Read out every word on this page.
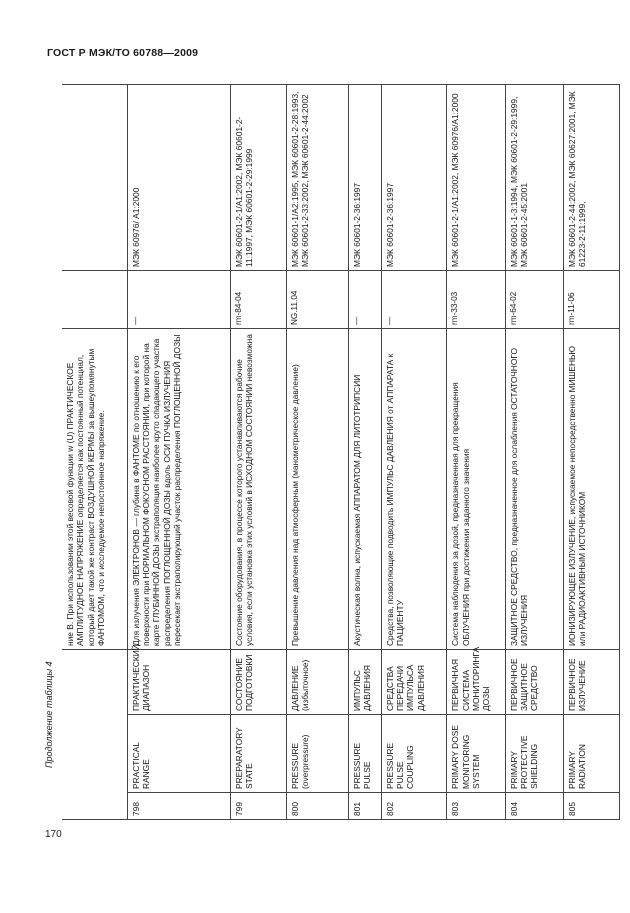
ГОСТ Р МЭК/ТО 60788—2009
Продолжение таблицы 4
170
			ние В. При использовании этой весовой функции w (U) ПРАКТИЧЕСКОЕ АМПЛИТУДНОЕ НАПРЯЖЕНИЕ определяется как постоянный потенциал, который дает такой же контраст ВОЗДУШНОЙ КЕРМЫ за вышеупомянутым ФАНТОМОМ, что и исследуемое непостоянное напряжение.		
798	PRACTICAL RANGE	ПРАКТИЧЕСКИЙ ДИАПАЗОН	Для излучения ЭЛЕКТРОНОВ — глубина в ФАНТОМЕ по отношению к его поверхности при НОРМАЛЬНОМ ФОКУСНОМ РАССТОЯНИИ, при которой на карте ГЛУБИННОЙ ДОЗЫ экстраполяция наиболее круто спадающего участка распределения ПОГЛОЩЕННОЙ ДОЗЫ вдоль ОСИ ПУЧКА ИЗЛУЧЕНИЯ пересекает экстраполирующий участок распределения ПОГЛОЩЕННОЙ ДОЗЫ	—	МЭК 60976/ А1:2000
799	PREPARATORY STATE	СОСТОЯНИЕ ПОДГОТОВКИ	Состояние оборудования, в процессе которого устанавливаются рабочие условия, если установка этих условий в ИСХОДНОМ СОСТОЯНИИ невозможна	rm-84-04	МЭК 60601-2-1/А1:2002, МЭК 60601-2-11:1997, МЭК 60601-2-29:1999
800	PRESSURE (overpressure)	ДАВЛЕНИЕ (избыточное)	Превышение давления над атмосферным (манометрическое давление)	NG.11.04	МЭК 60601-1/А2:1995, МЭК 60601-2-28:1993, МЭК 60601-2-33:2002, МЭК 60601-2-44:2002
801	PRESSURE PULSE	ИМПУЛЬС ДАВЛЕНИЯ	Акустическая волна, испускаемая АППАРАТОМ ДЛЯ ЛИТОТРИПСИИ	—	МЭК 60601-2-36:1997
802	PRESSURE PULSE COUPLING	СРЕДСТВА ПЕРЕДАЧИ ИМПУЛЬСА ДАВЛЕНИЯ	Средства, позволяющие подводить ИМПУЛЬС ДАВЛЕНИЯ от АППАРАТА к ПАЦИЕНТУ	—	МЭК 60601-2-36:1997
803	PRIMARY DOSE MONITORING SYSTEM	ПЕРВИЧНАЯ СИСТЕМА МОНИТОРИНГА ДОЗЫ	Система наблюдения за дозой, предназначенная для прекращения ОБЛУЧЕНИЯ при достижении заданного значения	rm-33-03	МЭК 60601-2-1/А1:2002, МЭК 60976/А1:2000
804	PRIMARY PROTECTIVE SHIELDING	ПЕРВИЧНОЕ ЗАЩИТНОЕ СРЕДСТВО	ЗАЩИТНОЕ СРЕДСТВО, предназначенное для ослабления ОСТАТОЧНОГО ИЗЛУЧЕНИЯ	rm-64-02	МЭК 60601-1-3:1994, МЭК 60601-2-29:1999, МЭК 60601-2-45:2001
805	PRIMARY RADIATION	ПЕРВИЧНОЕ ИЗЛУЧЕНИЕ	ИОНИЗИРУЮЩЕЕ ИЗЛУЧЕНИЕ, испускаемое непосредственно МИШЕНЬЮ или РАДИОАКТИВНЫМ ИСТОЧНИКОМ	rm-11-06	МЭК 60601-2-44:2002, МЭК 60627:2001, МЭК 61223-2-11:1999,
